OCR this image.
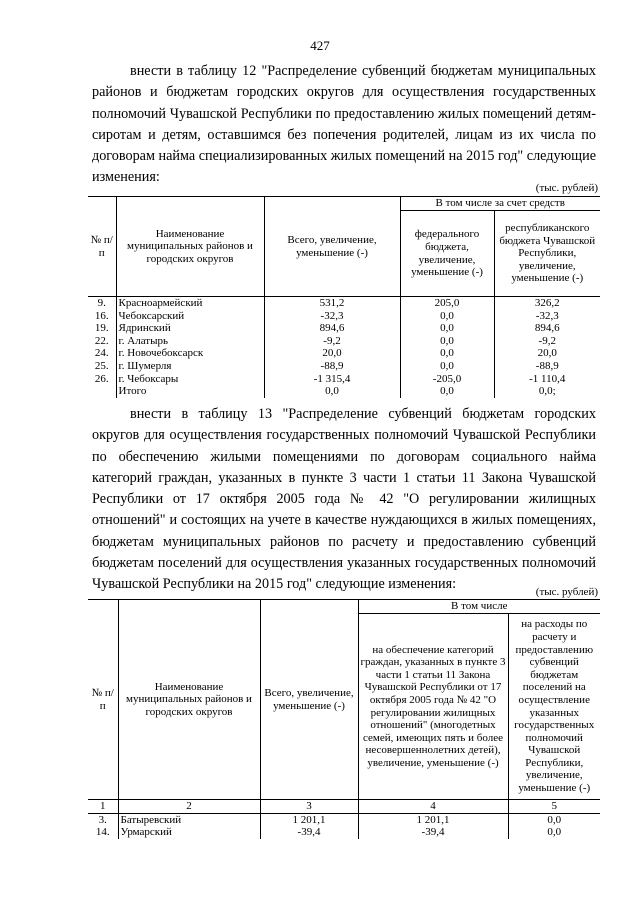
427

внести в таблицу 12 "Распределение субвенций бюджетам муниципальных районов и бюджетам городских округов для осуществления государственных полномочий Чувашской Республики по предоставлению жилых помещений детям-сиротам и детям, оставшимся без попечения родителей, лицам из их числа по договорам найма специализированных жилых помещений на 2015 год" следующие изменения:

(тыс. рублей)
№ п/п	Наименование муниципальных районов и городских округов	Всего, увеличение, уменьшение (-)	В том числе за счет средств	
			федерального бюджета, увеличение, уменьшение (-)	республиканского бюджета Чувашской Республики, увеличение, уменьшение (-)
9.	Красноармейский	531,2	205,0	326,2
16.	Чебоксарский	-32,3	0,0	-32,3
19.	Ядринский	894,6	0,0	894,6
22.	г. Алатырь	-9,2	0,0	-9,2
24.	г. Новочебоксарск	20,0	0,0	20,0
25.	г. Шумерля	-88,9	0,0	-88,9
26.	г. Чебоксары	-1 315,4	-205,0	-1 110,4
	Итого	0,0	0,0	0,0;

внести в таблицу 13 "Распределение субвенций бюджетам городских округов для осуществления государственных полномочий Чувашской Республики по обеспечению жилыми помещениями по договорам социального найма категорий граждан, указанных в пункте 3 части 1 статьи 11 Закона Чувашской Республики от 17 октября 2005 года № 42 "О регулировании жилищных отношений" и состоящих на учете в качестве нуждающихся в жилых помещениях, бюджетам муниципальных районов по расчету и предоставлению субвенций бюджетам поселений для осуществления указанных государственных полномочий Чувашской Республики на 2015 год" следующие изменения:	(тыс. рублей)
№ п/п	Наименование муниципальных районов и городских округов	Всего, увеличение, уменьшение (-)	В том числе	
			на обеспечение категорий граждан, указанных в пункте 3 части 1 статьи 11 Закона Чувашской Республики от 17 октября 2005 года № 42 "О регулировании жилищных отношений" (многодетных семей, имеющих пять и более несовершеннолетних детей), увеличение, уменьшение (-)	на расходы по расчету и предоставлению субвенций бюджетам поселений на осуществление указанных государственных полномочий Чувашской Республики, увеличение, уменьшение (-)
1	2	3	4	5
3.	Батыревский	1 201,1	1 201,1	0,0
14.	Урмарский	-39,4	-39,4	0,0
